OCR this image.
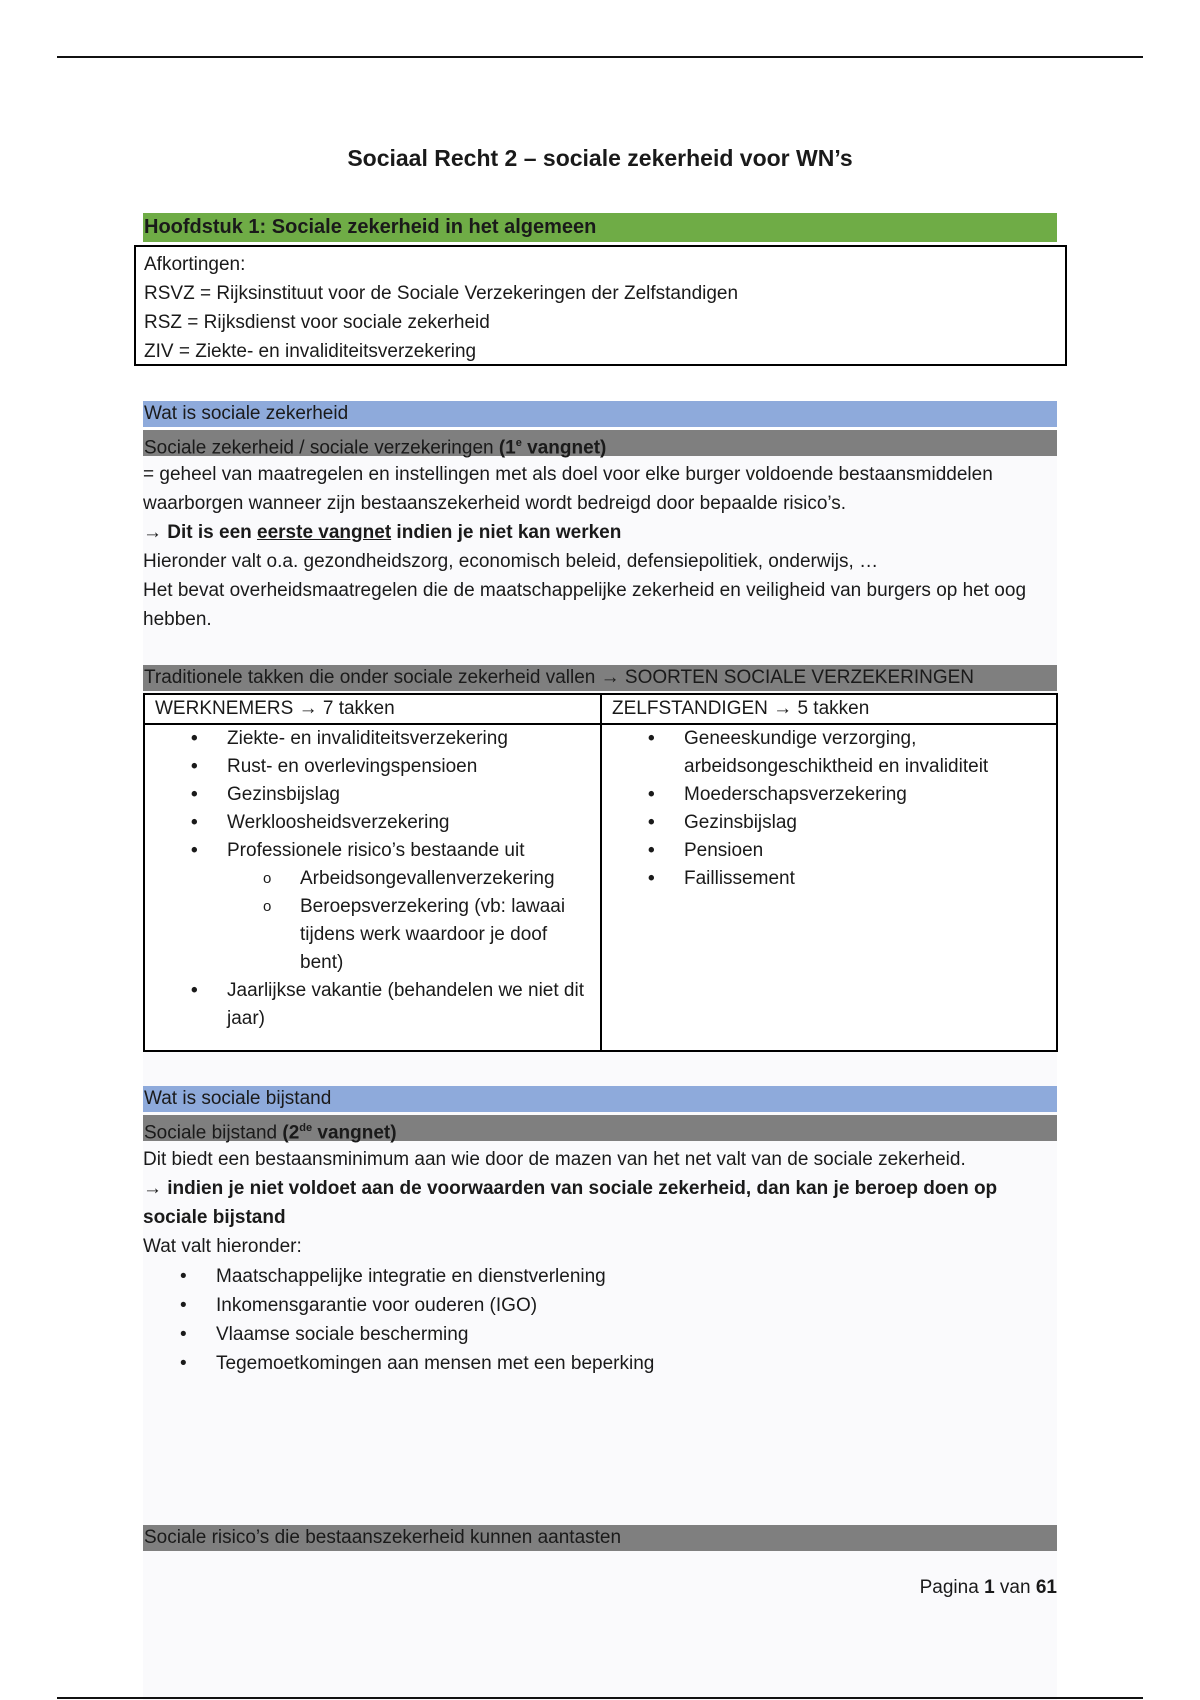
Sociaal Recht 2 – sociale zekerheid voor WN’s
Hoofdstuk 1: Sociale zekerheid in het algemeen
Afkortingen:
RSVZ = Rijksinstituut voor de Sociale Verzekeringen der Zelfstandigen
RSZ = Rijksdienst voor sociale zekerheid
ZIV = Ziekte- en invaliditeitsverzekering
Wat is sociale zekerheid
Sociale zekerheid / sociale verzekeringen (1e vangnet)

= geheel van maatregelen en instellingen met als doel voor elke burger voldoende bestaansmiddelen waarborgen wanneer zijn bestaanszekerheid wordt bedreigd door bepaalde risico’s.

→ Dit is een eerste vangnet indien je niet kan werken

Hieronder valt o.a. gezondheidszorg, economisch beleid, defensiepolitiek, onderwijs, …

Het bevat overheidsmaatregelen die de maatschappelijke zekerheid en veiligheid van burgers op het oog hebben.

Traditionele takken die onder sociale zekerheid vallen → SOORTEN SOCIALE VERZEKERINGEN
WERKNEMERS → 7 takken	ZELFSTANDIGEN → 5 takken
• Ziekte- en invaliditeitsverzekering
• Rust- en overlevingspensioen
• Gezinsbijslag
• Werkloosheidsverzekering
• Professionele risico’s bestaande uit
o Arbeidsongevallenverzekering
o Beroepsverzekering (vb: lawaai tijdens werk waardoor je doof bent)
• Jaarlijkse vakantie (behandelen we niet dit jaar)
• Geneeskundige verzorging, arbeidsongeschiktheid en invaliditeit
• Moederschapsverzekering
• Gezinsbijslag
• Pensioen
• Faillissement
Wat is sociale bijstand
Sociale bijstand (2de vangnet)

Dit biedt een bestaansminimum aan wie door de mazen van het net valt van de sociale zekerheid.

→ indien je niet voldoet aan de voorwaarden van sociale zekerheid, dan kan je beroep doen op sociale bijstand

Wat valt hieronder:

• Maatschappelijke integratie en dienstverlening
• Inkomensgarantie voor ouderen (IGO)
• Vlaamse sociale bescherming
• Tegemoetkomingen aan mensen met een beperking
Sociale risico’s die bestaanszekerheid kunnen aantasten
Pagina 1 van 61
